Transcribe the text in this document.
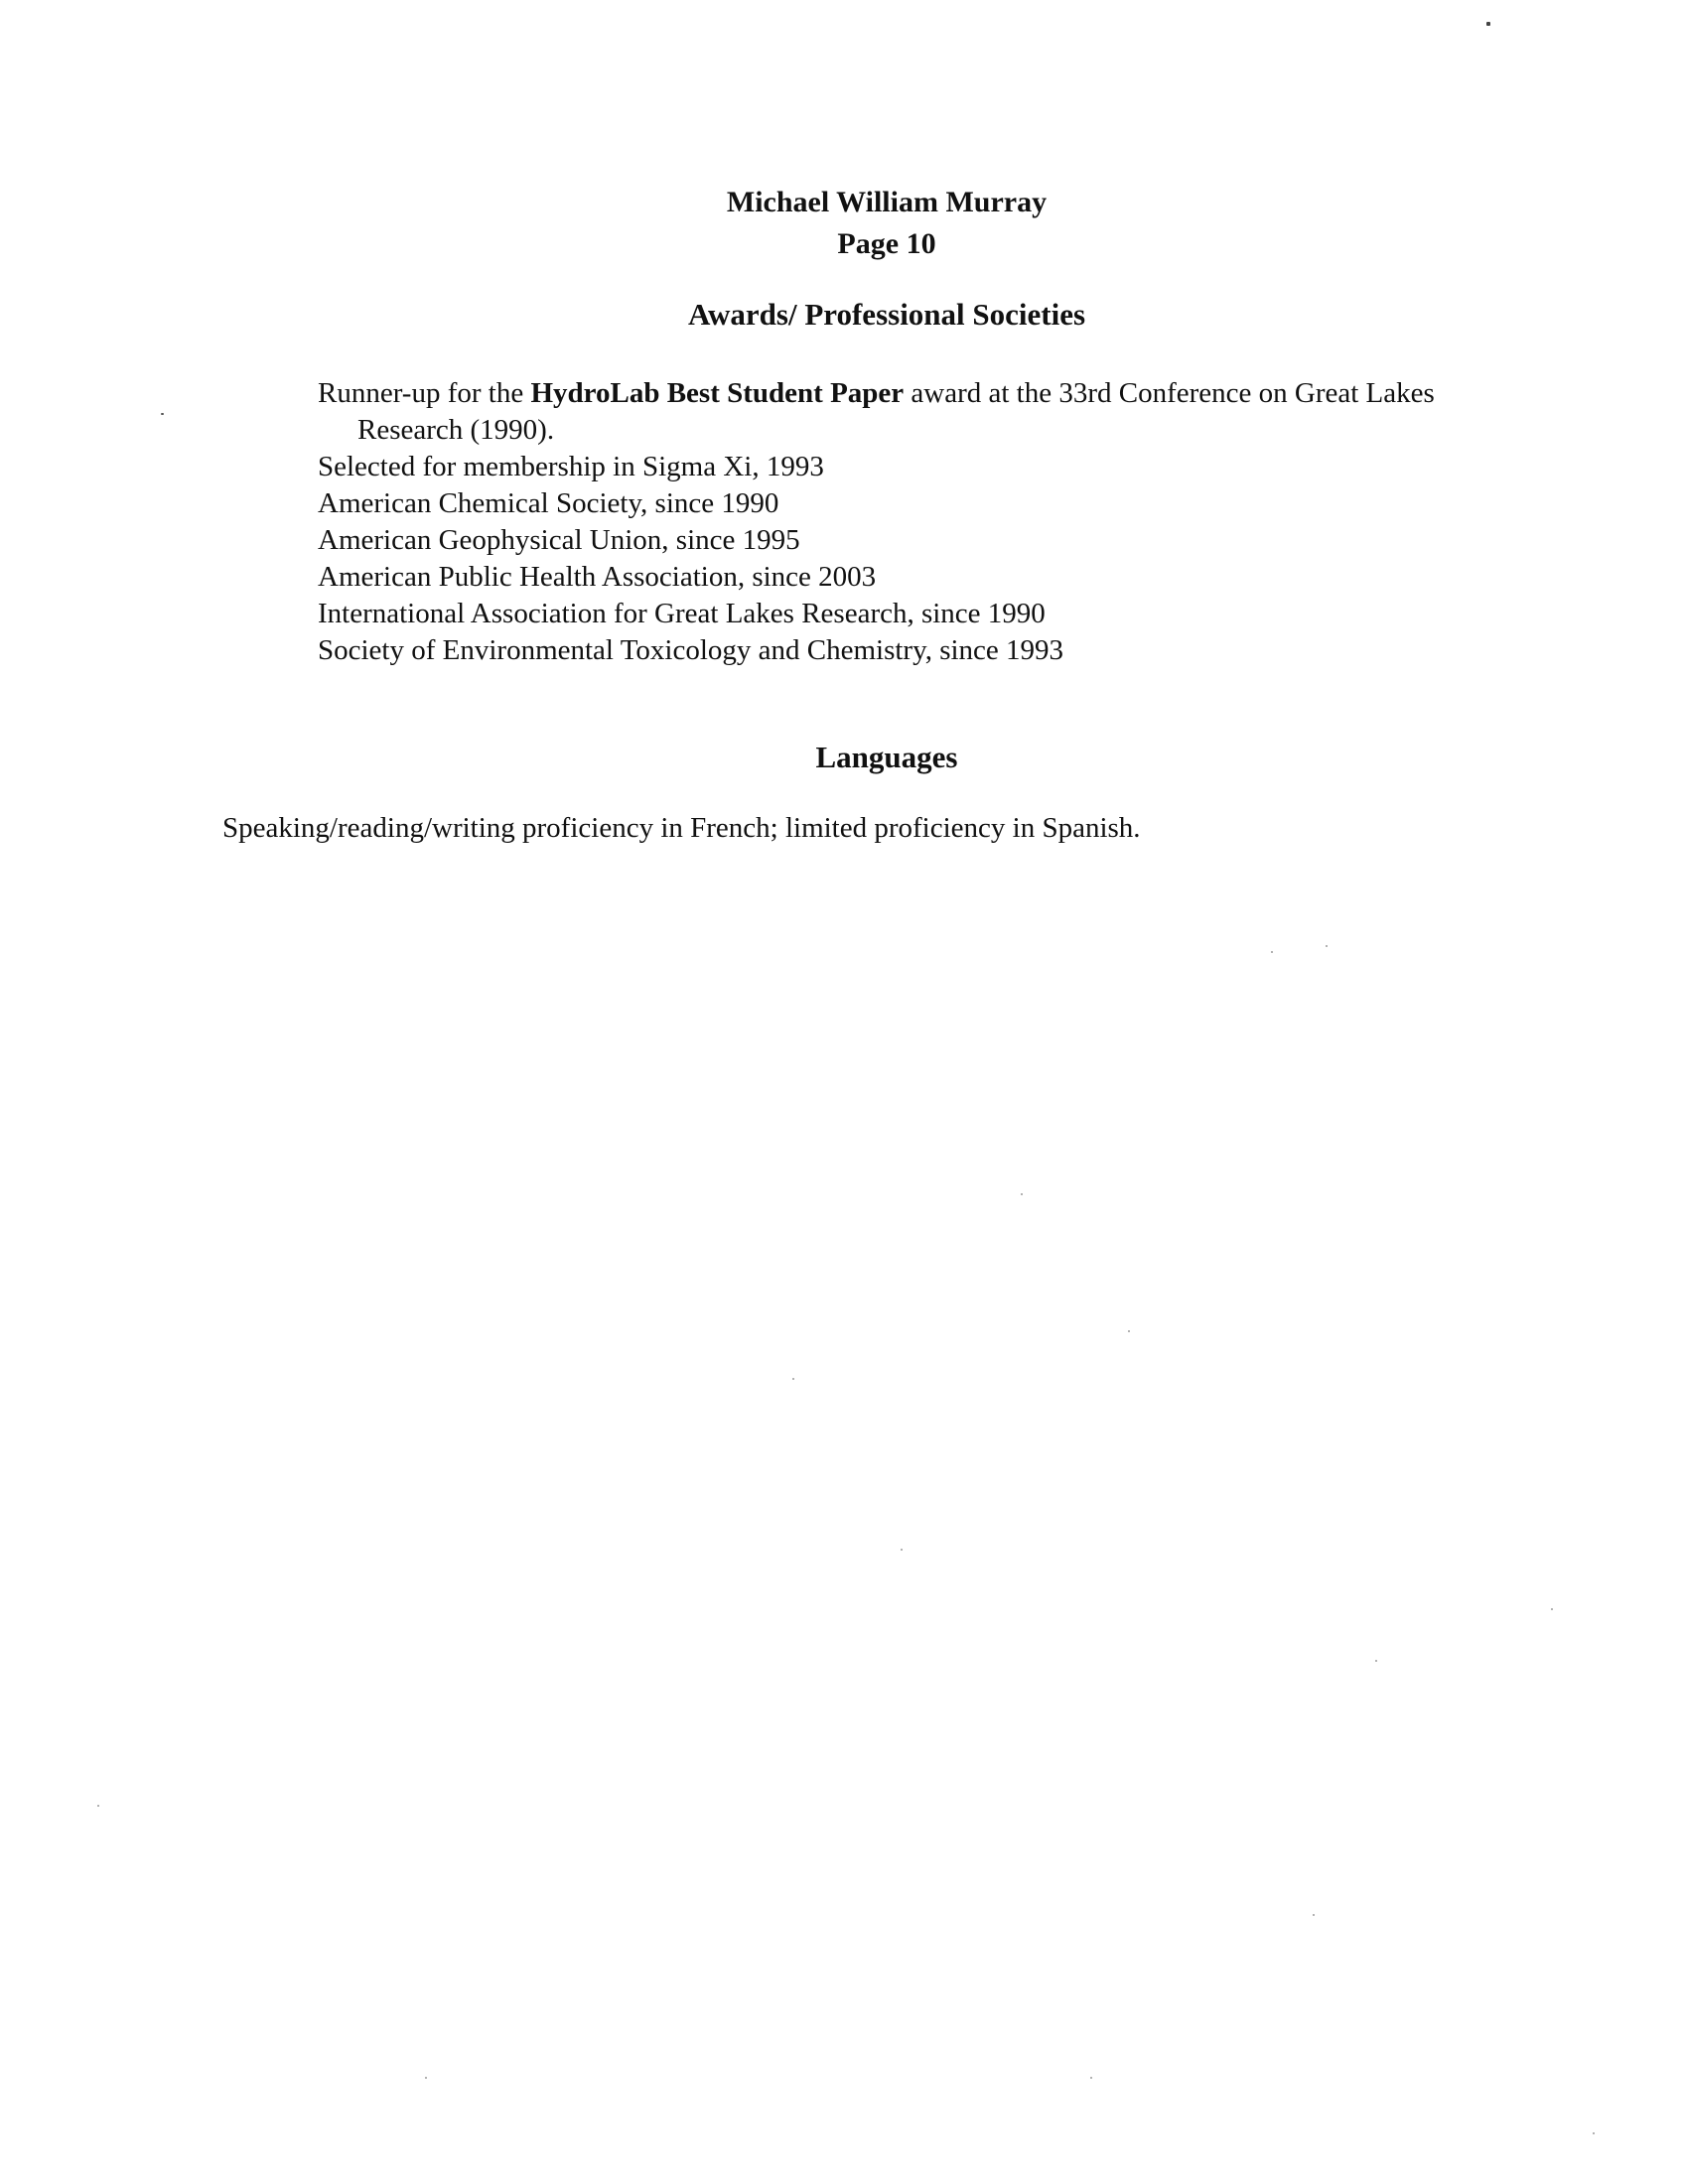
Michael William Murray
Page 10
Awards/ Professional Societies

Runner-up for the HydroLab Best Student Paper award at the 33rd Conference on Great Lakes Research (1990).

Selected for membership in Sigma Xi, 1993

American Chemical Society, since 1990

American Geophysical Union, since 1995

American Public Health Association, since 2003

International Association for Great Lakes Research, since 1990

Society of Environmental Toxicology and Chemistry, since 1993

Languages
Speaking/reading/writing proficiency in French; limited proficiency in Spanish.
